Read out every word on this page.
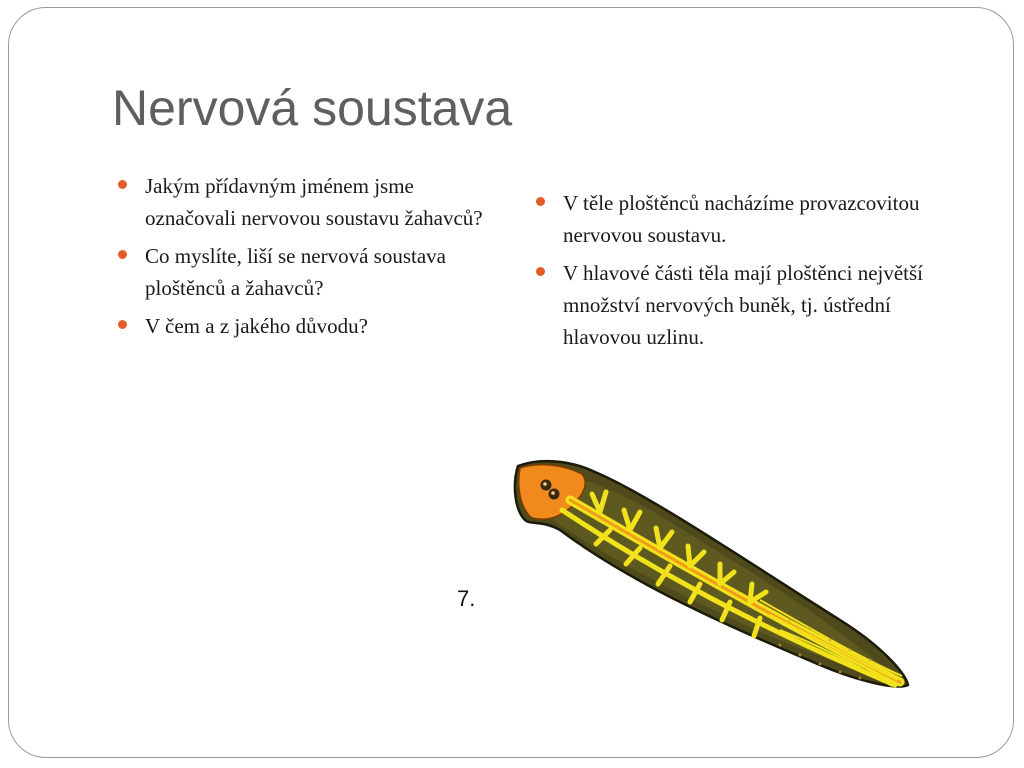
Nervová soustava
Jakým přídavným jménem jsme označovali nervovou soustavu žahavců?
Co myslíte, liší se nervová soustava ploštěnců a žahavců?
V čem a z jakého důvodu?
V těle ploštěnců nacházíme provazcovitou nervovou soustavu.
V hlavové části těla mají ploštěnci největší množství nervových buněk, tj. ústřední hlavovou uzlinu.
7.
